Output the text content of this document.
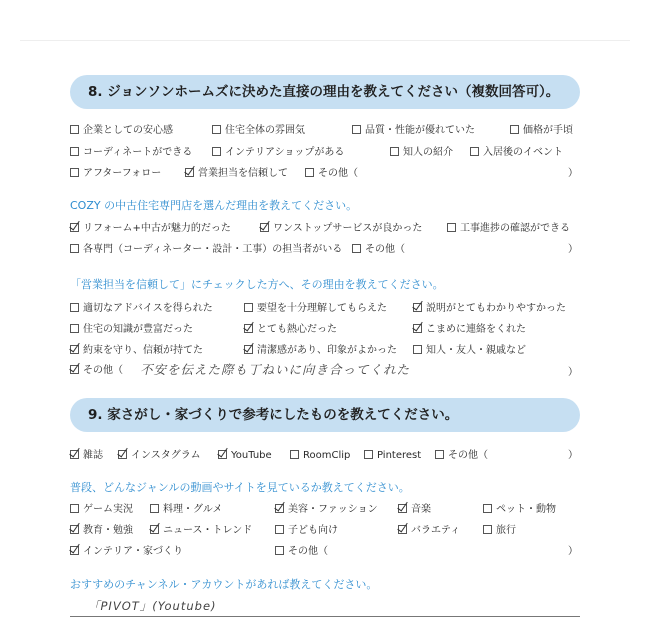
8. ジョンソンホームズに決めた直接の理由を教えてください（複数回答可）。
企業としての安心感	住宅全体の雰囲気	品質・性能が優れていた	価格が手頃
コーディネートができる	インテリアショップがある	知人の紹介	入居後のイベント
アフターフォロー	営業担当を信頼して	その他（	）
COZY の中古住宅専門店を選んだ理由を教えてください。
リフォーム+中古が魅力的だった	ワンストップサービスが良かった	工事進捗の確認ができる
各専門（コーディネーター・設計・工事）の担当者がいる	その他（	）
「営業担当を信頼して」にチェックした方へ、その理由を教えてください。
適切なアドバイスを得られた	要望を十分理解してもらえた	説明がとてもわかりやすかった
住宅の知識が豊富だった	とても熱心だった	こまめに連絡をくれた
約束を守り、信頼が持てた	清潔感があり、印象がよかった	知人・友人・親戚など
その他（ 不安を伝えた際も丁ねいに向き合ってくれた	）
9. 家さがし・家づくりで参考にしたものを教えてください。
雑誌	インスタグラム	YouTube	RoomClip	Pinterest	その他（	）
普段、どんなジャンルの動画やサイトを見ているか教えてください。
ゲーム実況	料理・グルメ	美容・ファッション	音楽	ペット・動物
教育・勉強	ニュース・トレンド	子ども向け	バラエティ	旅行
インテリア・家づくり	その他（	）
おすすめのチャンネル・アカウントがあれば教えてください。
「PIVOT」(Youtube)
